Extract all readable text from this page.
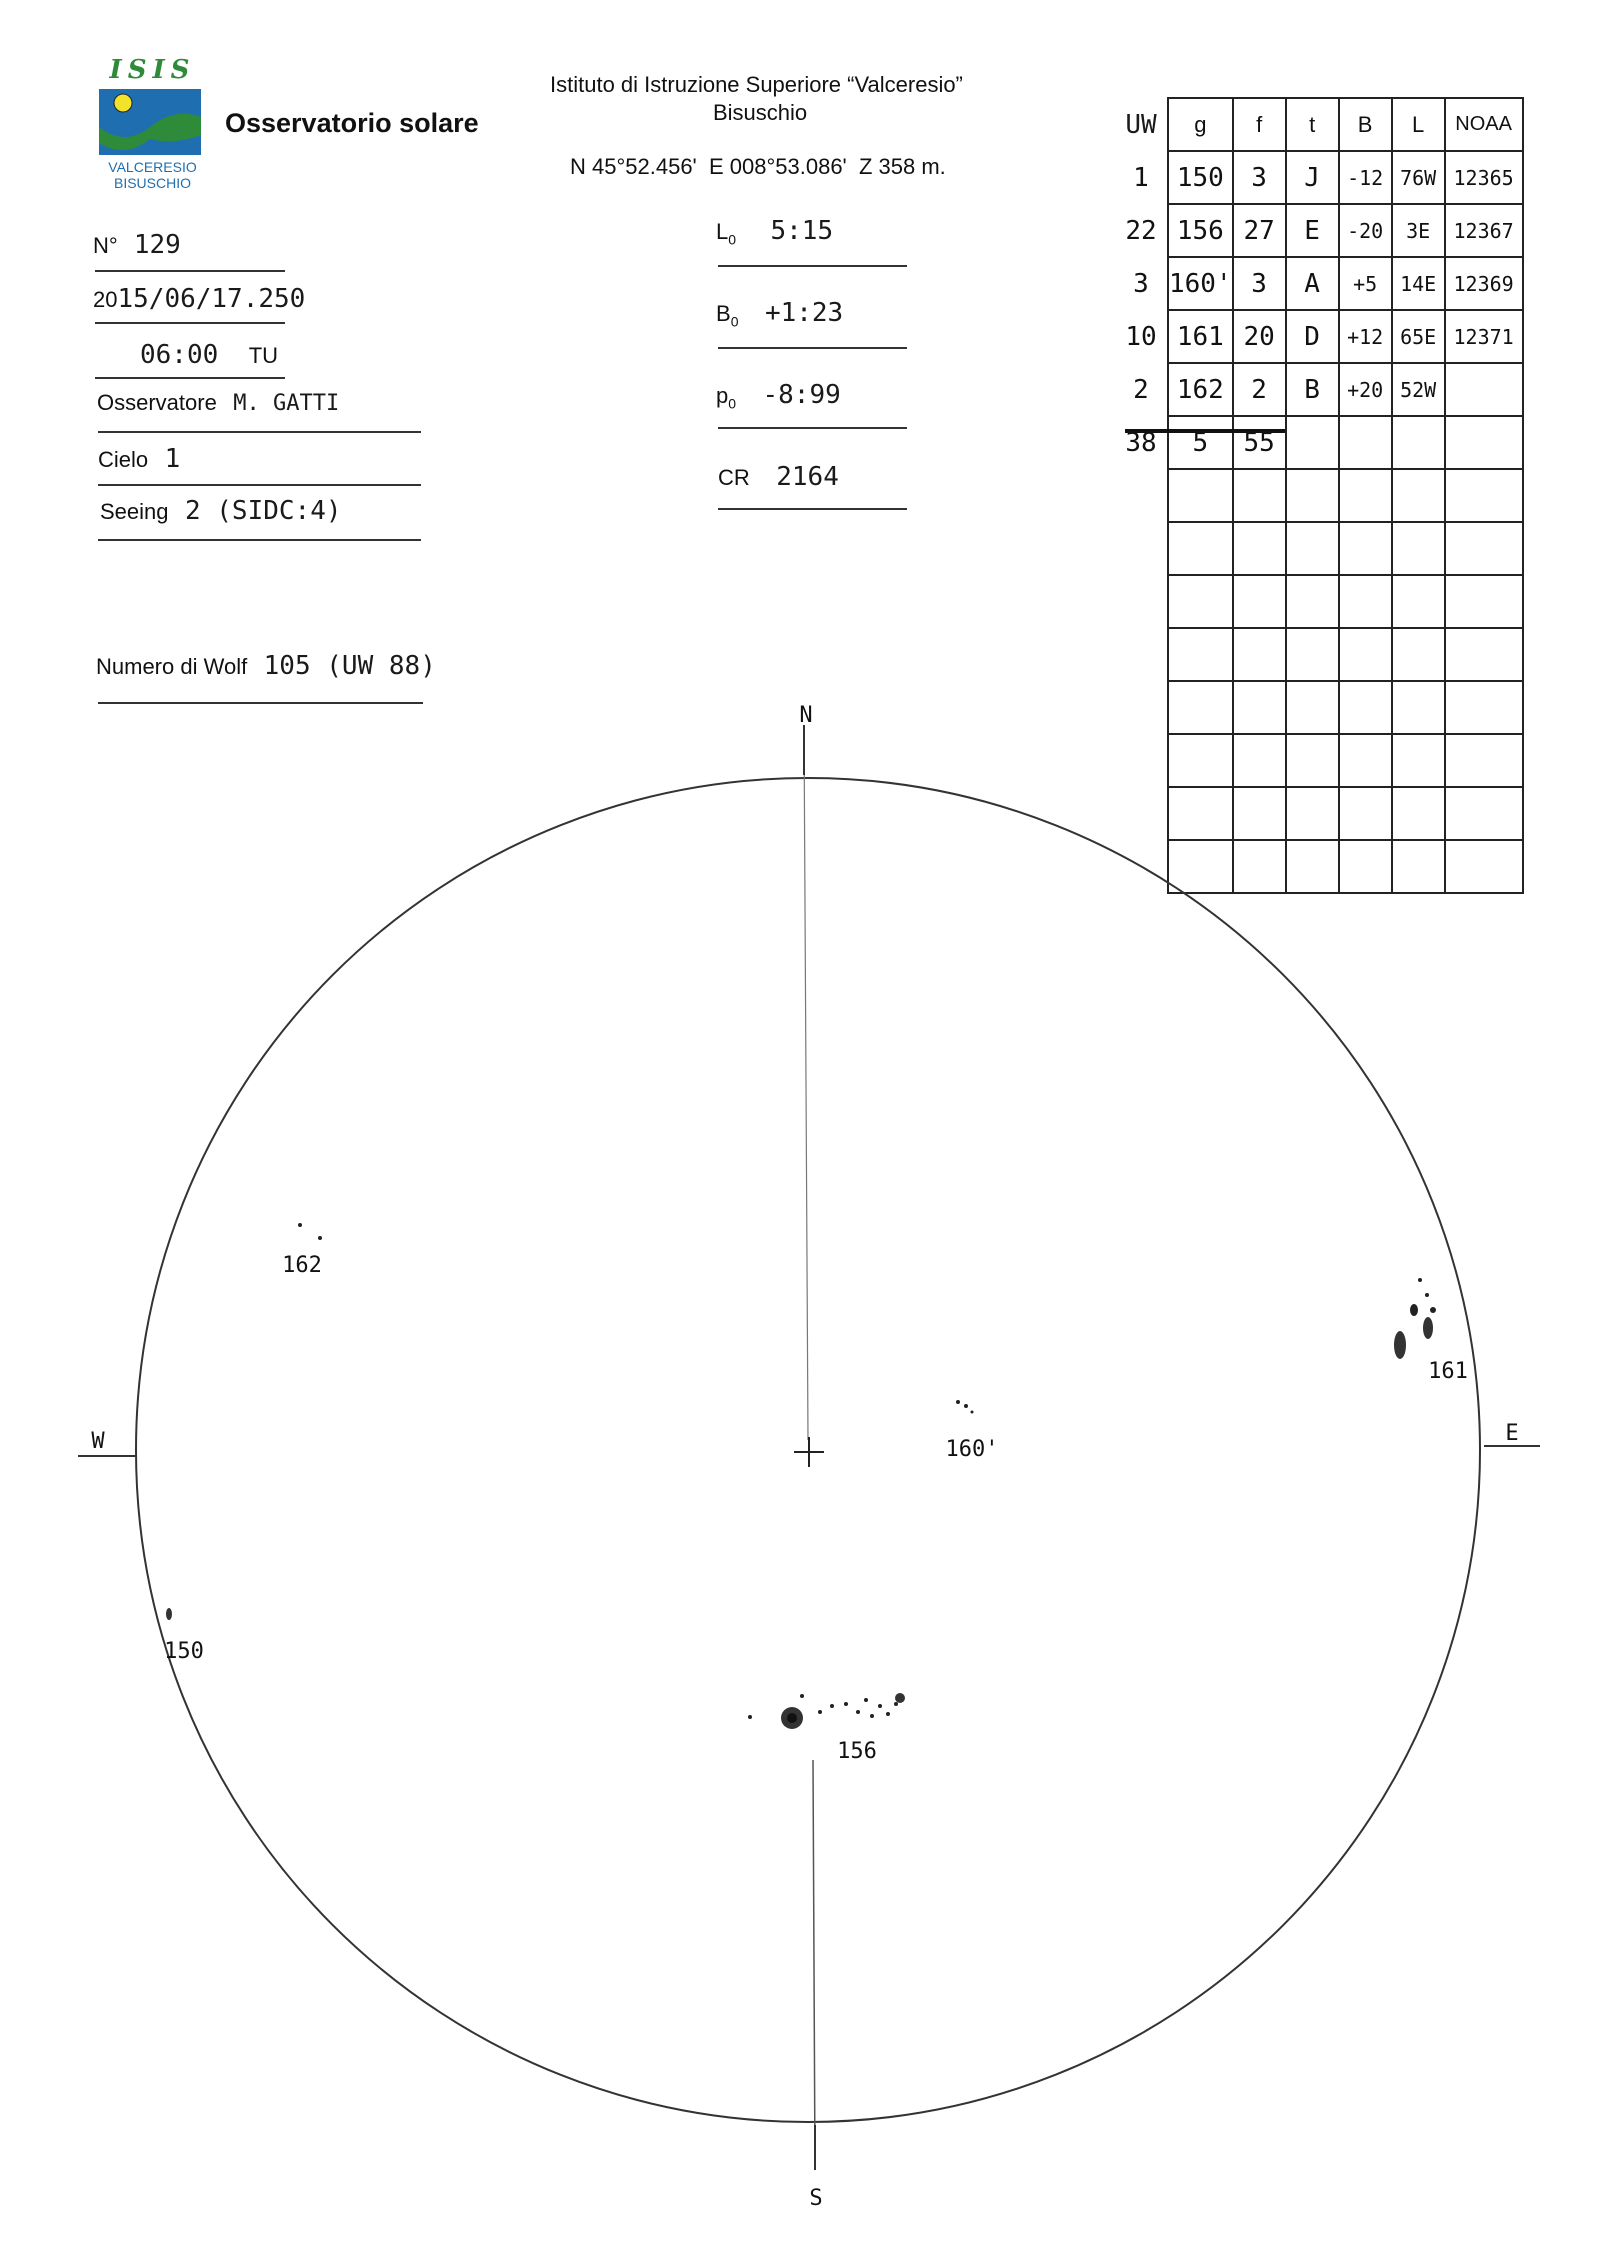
ISIS
VALCERESIO
BISUSCHIO
Osservatorio solare
Istituto di Istruzione Superiore “Valceresio”
Bisuschio
N 45°52.456'  E 008°53.086'  Z 358 m.
N° 129
2015/06/17.250
06:00 TU
Osservatore M. GATTI
Cielo 1
Seeing 2 (SIDC:4)
Numero di Wolf 105 (UW 88)
$L_0$ 5:15
$B_0$ +1:23
$p_0$ -8:99
CR 2164
UW	g	f	t	B	L	NOAA
1	150	3	J	-12	76W	12365
22	156	27	E	-20	3E	12367
3	160'	3	A	+5	14E	12369
10	161	20	D	+12	65E	12371
2	162	2	B	+20	52W	
38	5	55				

N
S
W	E
162
161
160'
150
156
